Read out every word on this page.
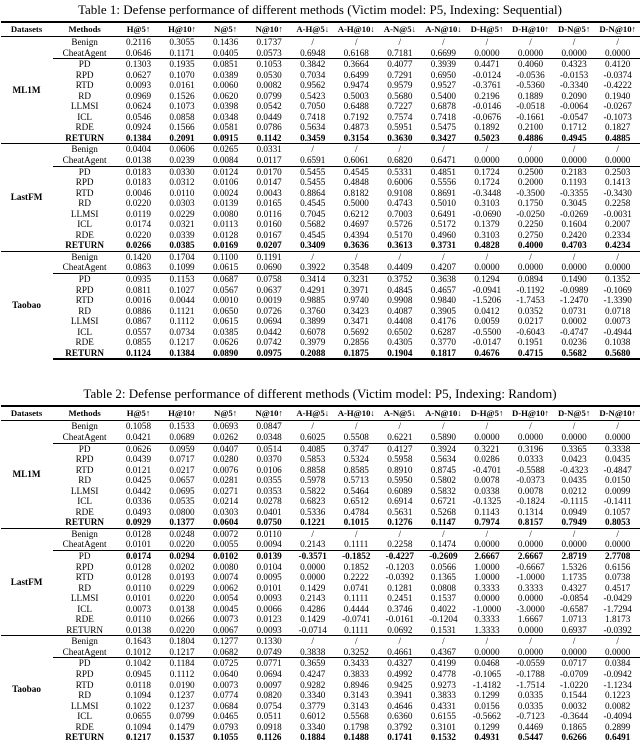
Table 1: Defense performance of different methods (Victim model: P5, Indexing: Sequential)
Datasets	Methods	H@5↑	H@10↑	N@5↑	N@10↑	A-H@5↓	A-H@10↓	A-N@5↓	A-N@10↓	D-H@5↑	D-H@10↑	D-N@5↑	D-N@10↑
ML1M	Benign	0.2116	0.3055	0.1436	0.1737	/	/	/	/	/	/	/	/
	CheatAgent	0.0646	0.1171	0.0405	0.0573	0.6948	0.6168	0.7181	0.6699	0.0000	0.0000	0.0000	0.0000
	PD	0.1303	0.1935	0.0851	0.1053	0.3842	0.3664	0.4077	0.3939	0.4471	0.4060	0.4323	0.4120
	RPD	0.0627	0.1070	0.0389	0.0530	0.7034	0.6499	0.7291	0.6950	-0.0124	-0.0536	-0.0153	-0.0374
	RTD	0.0093	0.0161	0.0060	0.0082	0.9562	0.9474	0.9579	0.9527	-0.3761	-0.5360	-0.3340	-0.4222
	RD	0.0969	0.1526	0.0620	0.0799	0.5423	0.5003	0.5680	0.5400	0.2196	0.1889	0.2090	0.1940
	LLMSI	0.0624	0.1073	0.0398	0.0542	0.7050	0.6488	0.7227	0.6878	-0.0146	-0.0518	-0.0064	-0.0267
	ICL	0.0546	0.0858	0.0348	0.0449	0.7418	0.7192	0.7574	0.7418	-0.0676	-0.1661	-0.0547	-0.1073
	RDE	0.0924	0.1566	0.0581	0.0786	0.5634	0.4873	0.5951	0.5475	0.1892	0.2100	0.1712	0.1827
	RETURN	0.1384	0.2091	0.0915	0.1142	0.3459	0.3154	0.3630	0.3427	0.5023	0.4886	0.4945	0.4885
LastFM	Benign	0.0404	0.0606	0.0265	0.0331	/	/	/	/	/	/	/	/
	CheatAgent	0.0138	0.0239	0.0084	0.0117	0.6591	0.6061	0.6820	0.6471	0.0000	0.0000	0.0000	0.0000
	PD	0.0183	0.0330	0.0124	0.0170	0.5455	0.4545	0.5331	0.4851	0.1724	0.2500	0.2183	0.2503
	RPD	0.0183	0.0312	0.0106	0.0147	0.5455	0.4848	0.6006	0.5556	0.1724	0.2000	0.1193	0.1413
	RTD	0.0046	0.0110	0.0024	0.0043	0.8864	0.8182	0.9108	0.8691	-0.3448	-0.3500	-0.3355	-0.3430
	RD	0.0220	0.0303	0.0139	0.0165	0.4545	0.5000	0.4743	0.5010	0.3103	0.1750	0.3045	0.2258
	LLMSI	0.0119	0.0229	0.0080	0.0116	0.7045	0.6212	0.7003	0.6491	-0.0690	-0.0250	-0.0269	-0.0031
	ICL	0.0174	0.0321	0.0113	0.0160	0.5682	0.4697	0.5726	0.5172	0.1379	0.2250	0.1604	0.2007
	RDE	0.0220	0.0339	0.0128	0.0167	0.4545	0.4394	0.5170	0.4960	0.3103	0.2750	0.2420	0.2334
	RETURN	0.0266	0.0385	0.0169	0.0207	0.3409	0.3636	0.3613	0.3731	0.4828	0.4000	0.4703	0.4234
Taobao	Benign	0.1420	0.1704	0.1100	0.1191	/	/	/	/	/	/	/	/
	CheatAgent	0.0863	0.1099	0.0615	0.0690	0.3922	0.3548	0.4409	0.4207	0.0000	0.0000	0.0000	0.0000
	PD	0.0935	0.1153	0.0687	0.0758	0.3414	0.3231	0.3752	0.3638	0.1294	0.0894	0.1490	0.1352
	RPD	0.0811	0.1027	0.0567	0.0637	0.4291	0.3971	0.4845	0.4657	-0.0941	-0.1192	-0.0989	-0.1069
	RTD	0.0016	0.0044	0.0010	0.0019	0.9885	0.9740	0.9908	0.9840	-1.5206	-1.7453	-1.2470	-1.3390
	RD	0.0886	0.1121	0.0650	0.0726	0.3760	0.3423	0.4087	0.3905	0.0412	0.0352	0.0731	0.0718
	LLMSI	0.0867	0.1112	0.0615	0.0694	0.3899	0.3471	0.4408	0.4176	0.0059	0.0217	0.0002	0.0073
	ICL	0.0557	0.0734	0.0385	0.0442	0.6078	0.5692	0.6502	0.6287	-0.5500	-0.6043	-0.4747	-0.4944
	RDE	0.0855	0.1217	0.0626	0.0742	0.3979	0.2856	0.4305	0.3770	-0.0147	0.1951	0.0236	0.1038
	RETURN	0.1124	0.1384	0.0890	0.0975	0.2088	0.1875	0.1904	0.1817	0.4676	0.4715	0.5682	0.5680
Table 2: Defense performance of different methods (Victim model: P5, Indexing: Random)
Datasets	Methods	H@5↑	H@10↑	N@5↑	N@10↑	A-H@5↓	A-H@10↓	A-N@5↓	A-N@10↓	D-H@5↑	D-H@10↑	D-N@5↑	D-N@10↑
ML1M	Benign	0.1058	0.1533	0.0693	0.0847	/	/	/	/	/	/	/	/
	CheatAgent	0.0421	0.0689	0.0262	0.0348	0.6025	0.5508	0.6221	0.5890	0.0000	0.0000	0.0000	0.0000
	PD	0.0626	0.0959	0.0407	0.0514	0.4085	0.3747	0.4127	0.3924	0.3221	0.3196	0.3365	0.3338
	RPD	0.0439	0.0717	0.0280	0.0370	0.5853	0.5324	0.5958	0.5634	0.0286	0.0333	0.0423	0.0435
	RTD	0.0121	0.0217	0.0076	0.0106	0.8858	0.8585	0.8910	0.8745	-0.4701	-0.5588	-0.4323	-0.4847
	RD	0.0425	0.0657	0.0281	0.0355	0.5978	0.5713	0.5950	0.5802	0.0078	-0.0373	0.0435	0.0150
	LLMSI	0.0442	0.0695	0.0271	0.0353	0.5822	0.5464	0.6089	0.5832	0.0338	0.0078	0.0212	0.0099
	ICL	0.0336	0.0535	0.0214	0.0278	0.6823	0.6512	0.6914	0.6721	-0.1325	-0.1824	-0.1115	-0.1411
	RDE	0.0493	0.0800	0.0303	0.0401	0.5336	0.4784	0.5631	0.5268	0.1143	0.1314	0.0949	0.1057
	RETURN	0.0929	0.1377	0.0604	0.0750	0.1221	0.1015	0.1276	0.1147	0.7974	0.8157	0.7949	0.8053
LastFM	Benign	0.0128	0.0248	0.0072	0.0110	/	/	/	/	/	/	/	/
	CheatAgent	0.0101	0.0220	0.0055	0.0094	0.2143	0.1111	0.2258	0.1474	0.0000	0.0000	0.0000	0.0000
	PD	0.0174	0.0294	0.0102	0.0139	-0.3571	-0.1852	-0.4227	-0.2609	2.6667	2.6667	2.8719	2.7708
	RPD	0.0128	0.0202	0.0080	0.0104	0.0000	0.1852	-0.1203	0.0566	1.0000	-0.6667	1.5326	0.6156
	RTD	0.0128	0.0193	0.0074	0.0095	0.0000	0.2222	-0.0392	0.1365	1.0000	-1.0000	1.1735	0.0738
	RD	0.0110	0.0229	0.0062	0.0101	0.1429	0.0741	0.1281	0.0808	0.3333	0.3333	0.4327	0.4517
	LLMSI	0.0101	0.0220	0.0054	0.0093	0.2143	0.1111	0.2451	0.1537	0.0000	0.0000	-0.0854	-0.0429
	ICL	0.0073	0.0138	0.0045	0.0066	0.4286	0.4444	0.3746	0.4022	-1.0000	-3.0000	-0.6587	-1.7294
	RDE	0.0110	0.0266	0.0073	0.0123	0.1429	-0.0741	-0.0161	-0.1204	0.3333	1.6667	1.0713	1.8173
	RETURN	0.0138	0.0220	0.0067	0.0093	-0.0714	0.1111	0.0692	0.1531	1.3333	0.0000	0.6937	-0.0392
Taobao	Benign	0.1643	0.1804	0.1277	0.1330	/	/	/	/	/	/	/	/
	CheatAgent	0.1012	0.1217	0.0682	0.0749	0.3838	0.3252	0.4661	0.4367	0.0000	0.0000	0.0000	0.0000
	PD	0.1042	0.1184	0.0725	0.0771	0.3659	0.3433	0.4327	0.4199	0.0468	-0.0559	0.0717	0.0384
	RPD	0.0945	0.1112	0.0640	0.0694	0.4247	0.3833	0.4992	0.4778	-0.1065	-0.1788	-0.0709	-0.0942
	RTD	0.0118	0.0190	0.0073	0.0097	0.9282	0.8946	0.9425	0.9273	-1.4182	-1.7514	-1.0220	-1.1234
	RD	0.1094	0.1237	0.0774	0.0820	0.3340	0.3143	0.3941	0.3833	0.1299	0.0335	0.1544	0.1223
	LLMSI	0.1022	0.1237	0.0684	0.0754	0.3779	0.3143	0.4646	0.4331	0.0156	0.0335	0.0032	0.0082
	ICL	0.0655	0.0799	0.0465	0.0511	0.6012	0.5568	0.6360	0.6155	-0.5662	-0.7123	-0.3644	-0.4094
	RDE	0.1094	0.1479	0.0793	0.0918	0.3340	0.1798	0.3792	0.3101	0.1299	0.4469	0.1865	0.2899
	RETURN	0.1217	0.1537	0.1055	0.1126	0.1884	0.1488	0.1741	0.1532	0.4931	0.5447	0.6266	0.6491
